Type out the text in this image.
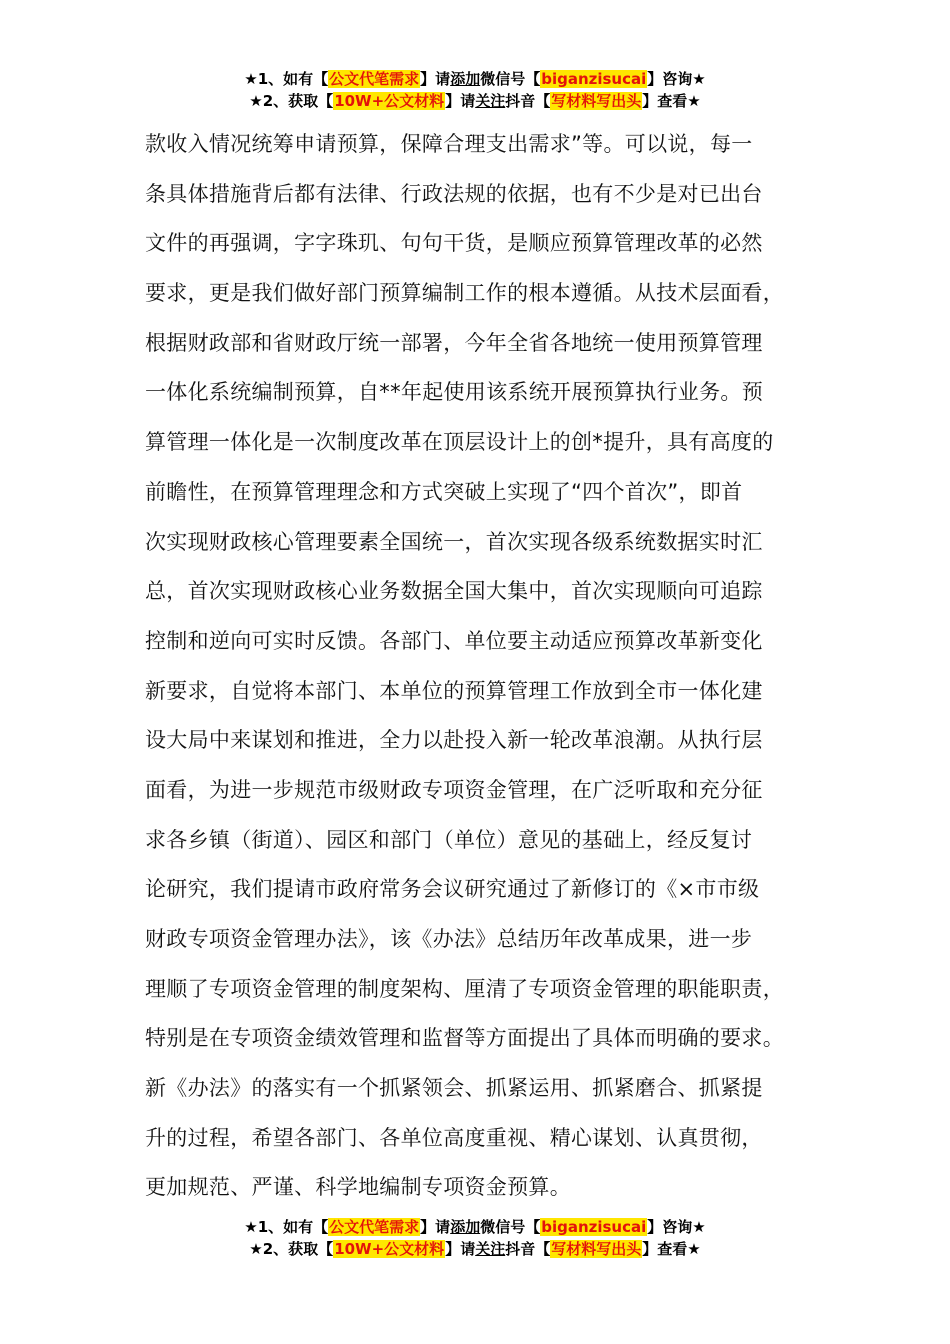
★1、如有【公文代笔需求】请添加微信号【biganzisucai】咨询★
★2、获取【10W+公文材料】请关注抖音【写材料写出头】查看★
款收入情况统筹申请预算，保障合理支出需求”等。可以说，每一
条具体措施背后都有法律、行政法规的依据，也有不少是对已出台
文件的再强调，字字珠玑、句句干货，是顺应预算管理改革的必然
要求，更是我们做好部门预算编制工作的根本遵循。从技术层面看，
根据财政部和省财政厅统一部署，今年全省各地统一使用预算管理
一体化系统编制预算，自**年起使用该系统开展预算执行业务。预
算管理一体化是一次制度改革在顶层设计上的创*提升，具有高度的
前瞻性，在预算管理理念和方式突破上实现了“四个首次”，即首
次实现财政核心管理要素全国统一，首次实现各级系统数据实时汇
总，首次实现财政核心业务数据全国大集中，首次实现顺向可追踪
控制和逆向可实时反馈。各部门、单位要主动适应预算改革新变化
新要求，自觉将本部门、本单位的预算管理工作放到全市一体化建
设大局中来谋划和推进，全力以赴投入新一轮改革浪潮。从执行层
面看，为进一步规范市级财政专项资金管理，在广泛听取和充分征
求各乡镇（街道）、园区和部门（单位）意见的基础上，经反复讨
论研究，我们提请市政府常务会议研究通过了新修订的《×市市级
财政专项资金管理办法》，该《办法》总结历年改革成果，进一步
理顺了专项资金管理的制度架构、厘清了专项资金管理的职能职责，
特别是在专项资金绩效管理和监督等方面提出了具体而明确的要求。
新《办法》的落实有一个抓紧领会、抓紧运用、抓紧磨合、抓紧提
升的过程，希望各部门、各单位高度重视、精心谋划、认真贯彻，
更加规范、严谨、科学地编制专项资金预算。
★1、如有【公文代笔需求】请添加微信号【biganzisucai】咨询★
★2、获取【10W+公文材料】请关注抖音【写材料写出头】查看★
